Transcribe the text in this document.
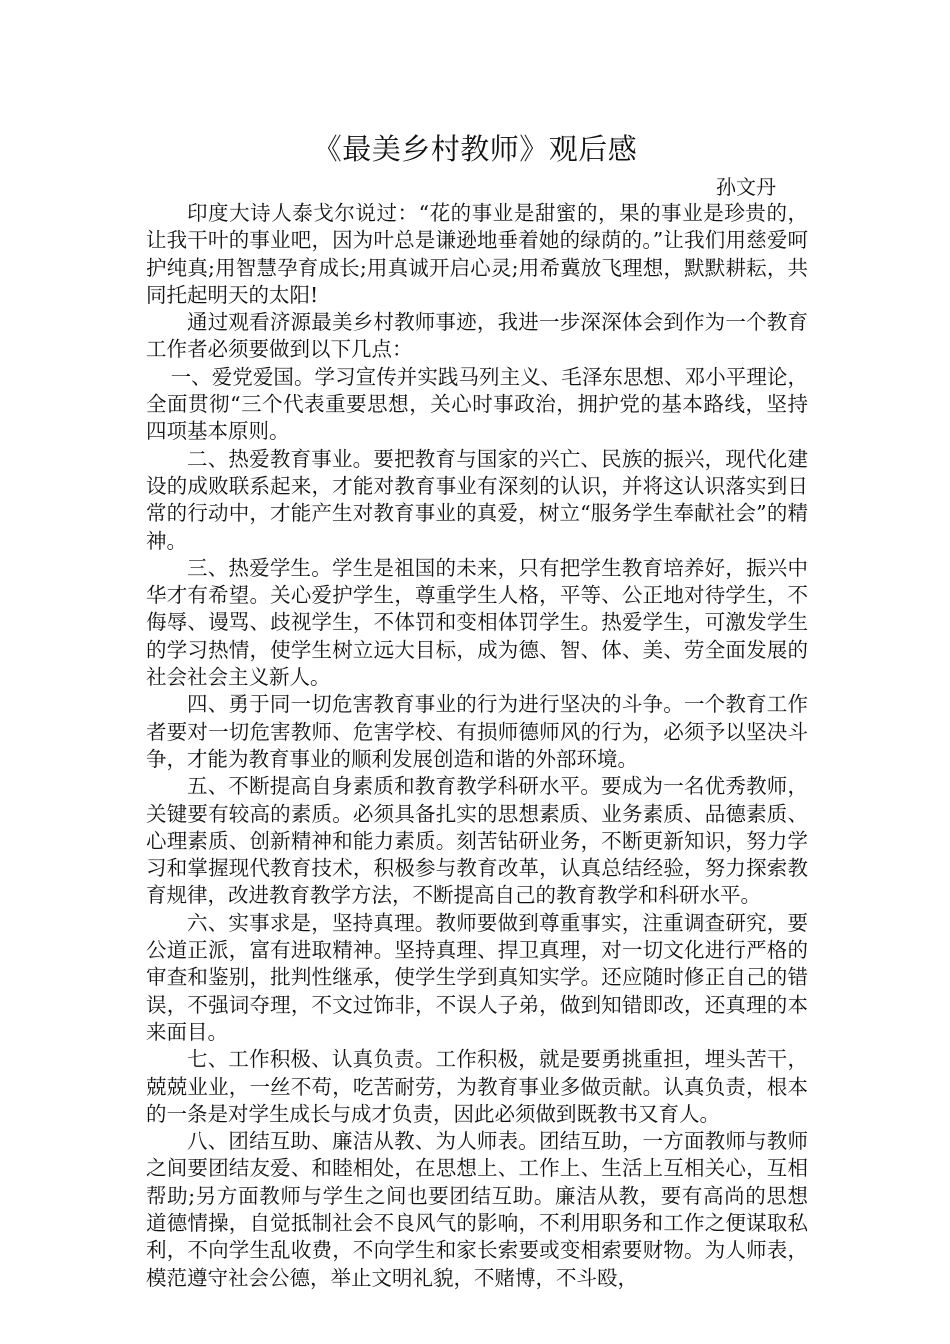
《最美乡村教师》观后感
孙文丹

印度大诗人泰戈尔说过：“花的事业是甜蜜的，果的事业是珍贵的，让我干叶的事业吧，因为叶总是谦逊地垂着她的绿荫的。”让我们用慈爱呵护纯真;用智慧孕育成长;用真诚开启心灵;用希冀放飞理想，默默耕耘，共同托起明天的太阳!

通过观看济源最美乡村教师事迹，我进一步深深体会到作为一个教育工作者必须要做到以下几点：

一、爱党爱国。学习宣传并实践马列主义、毛泽东思想、邓小平理论，全面贯彻“三个代表重要思想，关心时事政治，拥护党的基本路线，坚持四项基本原则。

二、热爱教育事业。要把教育与国家的兴亡、民族的振兴，现代化建设的成败联系起来，才能对教育事业有深刻的认识，并将这认识落实到日常的行动中，才能产生对教育事业的真爱，树立“服务学生奉献社会”的精神。

三、热爱学生。学生是祖国的未来，只有把学生教育培养好，振兴中华才有希望。关心爱护学生，尊重学生人格，平等、公正地对待学生，不侮辱、谩骂、歧视学生，不体罚和变相体罚学生。热爱学生，可激发学生的学习热情，使学生树立远大目标，成为德、智、体、美、劳全面发展的社会社会主义新人。

四、勇于同一切危害教育事业的行为进行坚决的斗争。一个教育工作者要对一切危害教师、危害学校、有损师德师风的行为，必须予以坚决斗争，才能为教育事业的顺利发展创造和谐的外部环境。

五、不断提高自身素质和教育教学科研水平。要成为一名优秀教师，关键要有较高的素质。必须具备扎实的思想素质、业务素质、品德素质、心理素质、创新精神和能力素质。刻苦钻研业务，不断更新知识，努力学习和掌握现代教育技术，积极参与教育改革，认真总结经验，努力探索教育规律，改进教育教学方法，不断提高自己的教育教学和科研水平。

六、实事求是，坚持真理。教师要做到尊重事实，注重调查研究，要公道正派，富有进取精神。坚持真理、捍卫真理，对一切文化进行严格的审查和鉴别，批判性继承，使学生学到真知实学。还应随时修正自己的错误，不强词夺理，不文过饰非，不误人子弟，做到知错即改，还真理的本来面目。

七、工作积极、认真负责。工作积极，就是要勇挑重担，埋头苦干，兢兢业业，一丝不苟，吃苦耐劳，为教育事业多做贡献。认真负责，根本的一条是对学生成长与成才负责，因此必须做到既教书又育人。

八、团结互助、廉洁从教、为人师表。团结互助，一方面教师与教师之间要团结友爱、和睦相处，在思想上、工作上、生活上互相关心，互相帮助;另方面教师与学生之间也要团结互助。廉洁从教，要有高尚的思想道德情操，自觉抵制社会不良风气的影响，不利用职务和工作之便谋取私利，不向学生乱收费，不向学生和家长索要或变相索要财物。为人师表，模范遵守社会公德，举止文明礼貌，不赌博，不斗殴，
